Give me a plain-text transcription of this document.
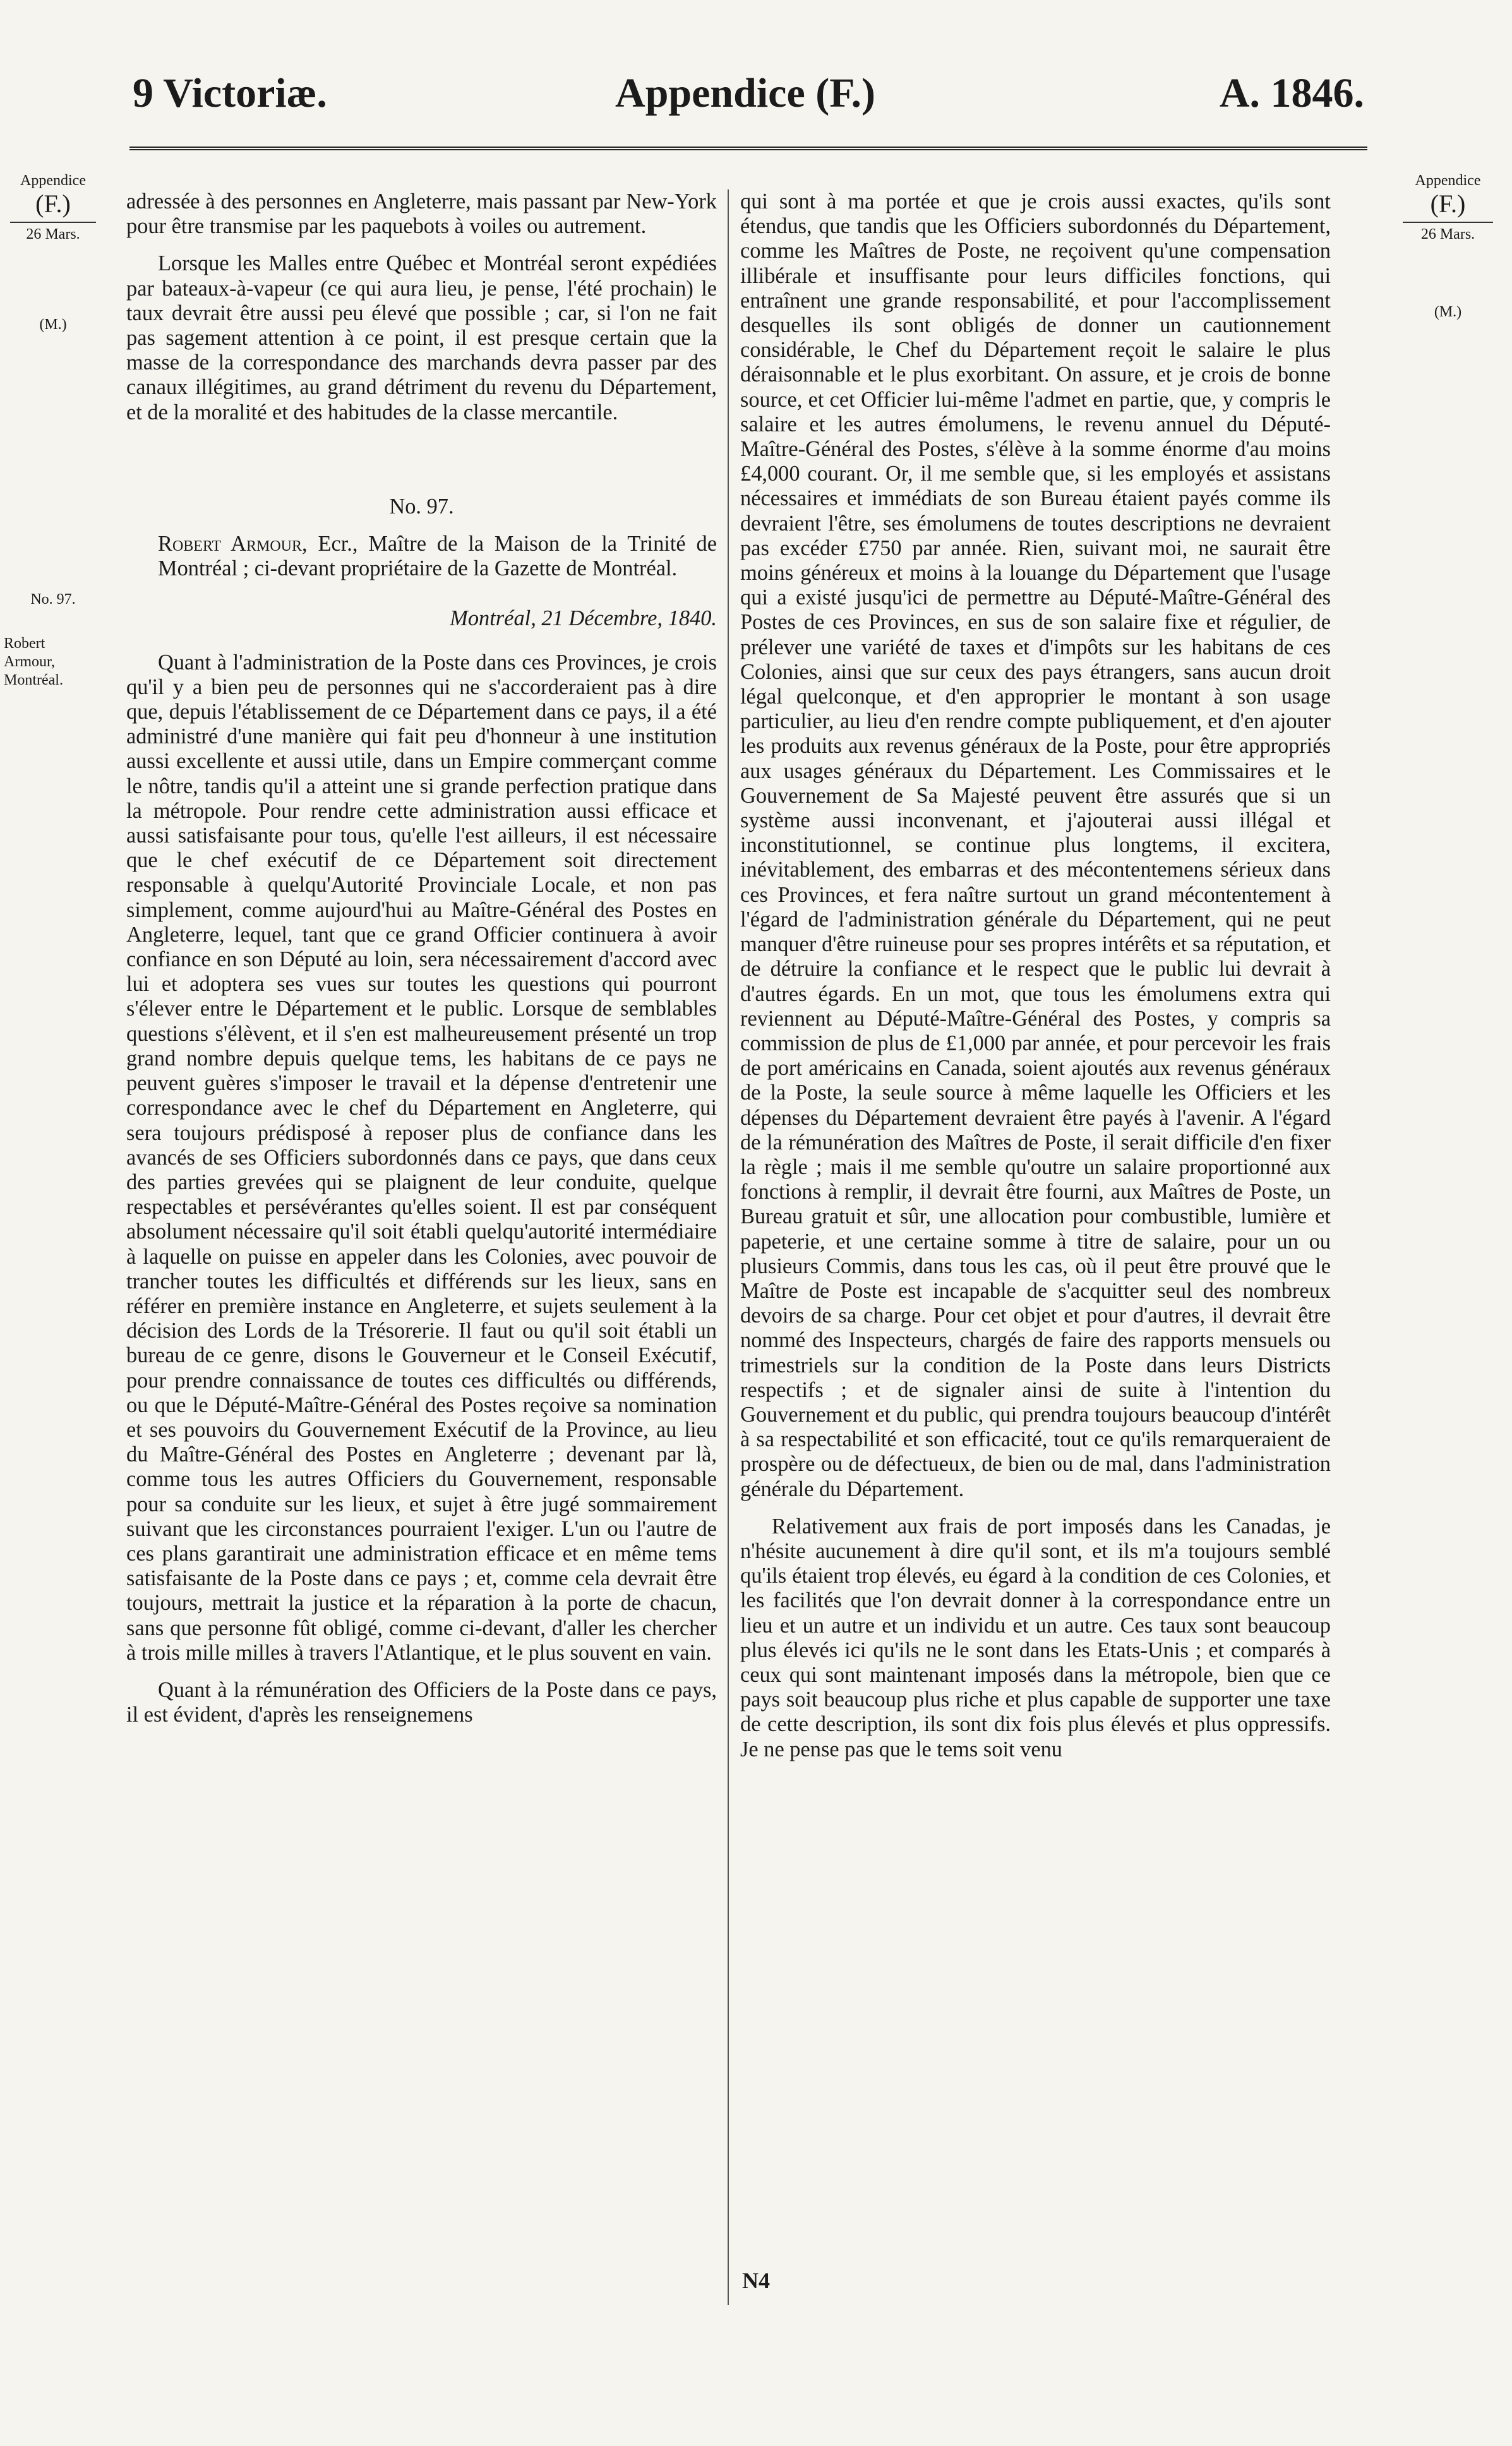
9 Victoriæ.	Appendice (F.)	A. 1846.
Appendice
(F.)
26 Mars.
(M.)
No. 97.
Robert Armour, Montréal.
Appendice
(F.)
26 Mars.
(M.)

adressée à des personnes en Angleterre, mais passant par New-York pour être transmise par les paquebots à voiles ou autrement.

Lorsque les Malles entre Québec et Montréal seront expédiées par bateaux-à-vapeur (ce qui aura lieu, je pense, l'été prochain) le taux devrait être aussi peu élevé que possible ; car, si l'on ne fait pas sagement attention à ce point, il est presque certain que la masse de la correspondance des marchands devra passer par des canaux illégitimes, au grand détriment du revenu du Département, et de la moralité et des habitudes de la classe mercantile.

No. 97.

Robert Armour, Ecr., Maître de la Maison de la Trinité de Montréal ; ci-devant propriétaire de la Gazette de Montréal.

Montréal, 21 Décembre, 1840.

Quant à l'administration de la Poste dans ces Provinces, je crois qu'il y a bien peu de personnes qui ne s'accorderaient pas à dire que, depuis l'établissement de ce Département dans ce pays, il a été administré d'une manière qui fait peu d'honneur à une institution aussi excellente et aussi utile, dans un Empire commerçant comme le nôtre, tandis qu'il a atteint une si grande perfection pratique dans la métropole. Pour rendre cette administration aussi efficace et aussi satisfaisante pour tous, qu'elle l'est ailleurs, il est nécessaire que le chef exécutif de ce Département soit directement responsable à quelqu'Autorité Provinciale Locale, et non pas simplement, comme aujourd'hui au Maître-Général des Postes en Angleterre, lequel, tant que ce grand Officier continuera à avoir confiance en son Député au loin, sera nécessairement d'accord avec lui et adoptera ses vues sur toutes les questions qui pourront s'élever entre le Département et le public. Lorsque de semblables questions s'élèvent, et il s'en est malheureusement présenté un trop grand nombre depuis quelque tems, les habitans de ce pays ne peuvent guères s'imposer le travail et la dépense d'entretenir une correspondance avec le chef du Département en Angleterre, qui sera toujours prédisposé à reposer plus de confiance dans les avancés de ses Officiers subordonnés dans ce pays, que dans ceux des parties grevées qui se plaignent de leur conduite, quelque respectables et persévérantes qu'elles soient. Il est par conséquent absolument nécessaire qu'il soit établi quelqu'autorité intermédiaire à laquelle on puisse en appeler dans les Colonies, avec pouvoir de trancher toutes les difficultés et différends sur les lieux, sans en référer en première instance en Angleterre, et sujets seulement à la décision des Lords de la Trésorerie. Il faut ou qu'il soit établi un bureau de ce genre, disons le Gouverneur et le Conseil Exécutif, pour prendre connaissance de toutes ces difficultés ou différends, ou que le Député-Maître-Général des Postes reçoive sa nomination et ses pouvoirs du Gouvernement Exécutif de la Province, au lieu du Maître-Général des Postes en Angleterre ; devenant par là, comme tous les autres Officiers du Gouvernement, responsable pour sa conduite sur les lieux, et sujet à être jugé sommairement suivant que les circonstances pourraient l'exiger. L'un ou l'autre de ces plans garantirait une administration efficace et en même tems satisfaisante de la Poste dans ce pays ; et, comme cela devrait être toujours, mettrait la justice et la réparation à la porte de chacun, sans que personne fût obligé, comme ci-devant, d'aller les chercher à trois mille milles à travers l'Atlantique, et le plus souvent en vain.

Quant à la rémunération des Officiers de la Poste dans ce pays, il est évident, d'après les renseignemens

qui sont à ma portée et que je crois aussi exactes, qu'ils sont étendus, que tandis que les Officiers subordonnés du Département, comme les Maîtres de Poste, ne reçoivent qu'une compensation illibérale et insuffisante pour leurs difficiles fonctions, qui entraînent une grande responsabilité, et pour l'accomplissement desquelles ils sont obligés de donner un cautionnement considérable, le Chef du Département reçoit le salaire le plus déraisonnable et le plus exorbitant. On assure, et je crois de bonne source, et cet Officier lui-même l'admet en partie, que, y compris le salaire et les autres émolumens, le revenu annuel du Député-Maître-Général des Postes, s'élève à la somme énorme d'au moins £4,000 courant. Or, il me semble que, si les employés et assistans nécessaires et immédiats de son Bureau étaient payés comme ils devraient l'être, ses émolumens de toutes descriptions ne devraient pas excéder £750 par année. Rien, suivant moi, ne saurait être moins généreux et moins à la louange du Département que l'usage qui a existé jusqu'ici de permettre au Député-Maître-Général des Postes de ces Provinces, en sus de son salaire fixe et régulier, de prélever une variété de taxes et d'impôts sur les habitans de ces Colonies, ainsi que sur ceux des pays étrangers, sans aucun droit légal quelconque, et d'en approprier le montant à son usage particulier, au lieu d'en rendre compte publiquement, et d'en ajouter les produits aux revenus généraux de la Poste, pour être appropriés aux usages généraux du Département. Les Commissaires et le Gouvernement de Sa Majesté peuvent être assurés que si un système aussi inconvenant, et j'ajouterai aussi illégal et inconstitutionnel, se continue plus longtems, il excitera, inévitablement, des embarras et des mécontentemens sérieux dans ces Provinces, et fera naître surtout un grand mécontentement à l'égard de l'administration générale du Département, qui ne peut manquer d'être ruineuse pour ses propres intérêts et sa réputation, et de détruire la confiance et le respect que le public lui devrait à d'autres égards. En un mot, que tous les émolumens extra qui reviennent au Député-Maître-Général des Postes, y compris sa commission de plus de £1,000 par année, et pour percevoir les frais de port américains en Canada, soient ajoutés aux revenus généraux de la Poste, la seule source à même laquelle les Officiers et les dépenses du Département devraient être payés à l'avenir. A l'égard de la rémunération des Maîtres de Poste, il serait difficile d'en fixer la règle ; mais il me semble qu'outre un salaire proportionné aux fonctions à remplir, il devrait être fourni, aux Maîtres de Poste, un Bureau gratuit et sûr, une allocation pour combustible, lumière et papeterie, et une certaine somme à titre de salaire, pour un ou plusieurs Commis, dans tous les cas, où il peut être prouvé que le Maître de Poste est incapable de s'acquitter seul des nombreux devoirs de sa charge. Pour cet objet et pour d'autres, il devrait être nommé des Inspecteurs, chargés de faire des rapports mensuels ou trimestriels sur la condition de la Poste dans leurs Districts respectifs ; et de signaler ainsi de suite à l'intention du Gouvernement et du public, qui prendra toujours beaucoup d'intérêt à sa respectabilité et son efficacité, tout ce qu'ils remarqueraient de prospère ou de défectueux, de bien ou de mal, dans l'administration générale du Département.

Relativement aux frais de port imposés dans les Canadas, je n'hésite aucunement à dire qu'il sont, et ils m'a toujours semblé qu'ils étaient trop élevés, eu égard à la condition de ces Colonies, et les facilités que l'on devrait donner à la correspondance entre un lieu et un autre et un individu et un autre. Ces taux sont beaucoup plus élevés ici qu'ils ne le sont dans les Etats-Unis ; et comparés à ceux qui sont maintenant imposés dans la métropole, bien que ce pays soit beaucoup plus riche et plus capable de supporter une taxe de cette description, ils sont dix fois plus élevés et plus oppressifs. Je ne pense pas que le tems soit venu

N4
